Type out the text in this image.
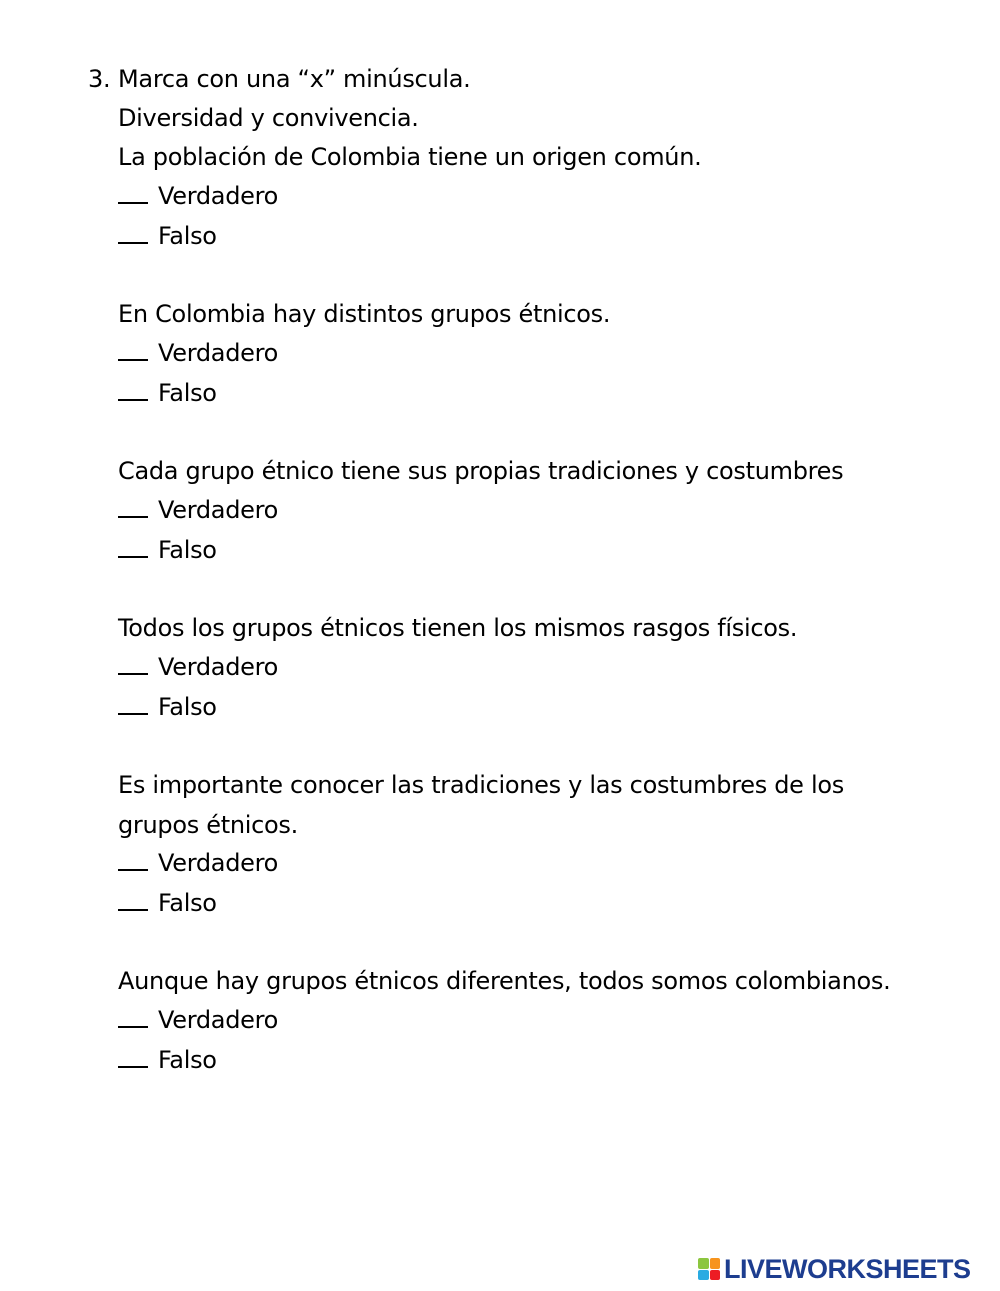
3. Marca con una “x” minúscula.
Diversidad y convivencia.
La población de Colombia tiene un origen común.
Verdadero
Falso
En Colombia hay distintos grupos étnicos.
Verdadero
Falso
Cada grupo étnico tiene sus propias tradiciones y costumbres
Verdadero
Falso
Todos los grupos étnicos tienen los mismos rasgos físicos.
Verdadero
Falso
Es importante conocer las tradiciones y las costumbres de los
grupos étnicos.
Verdadero
Falso
Aunque hay grupos étnicos diferentes, todos somos colombianos.
Verdadero
Falso
LIVEWORKSHEETS
